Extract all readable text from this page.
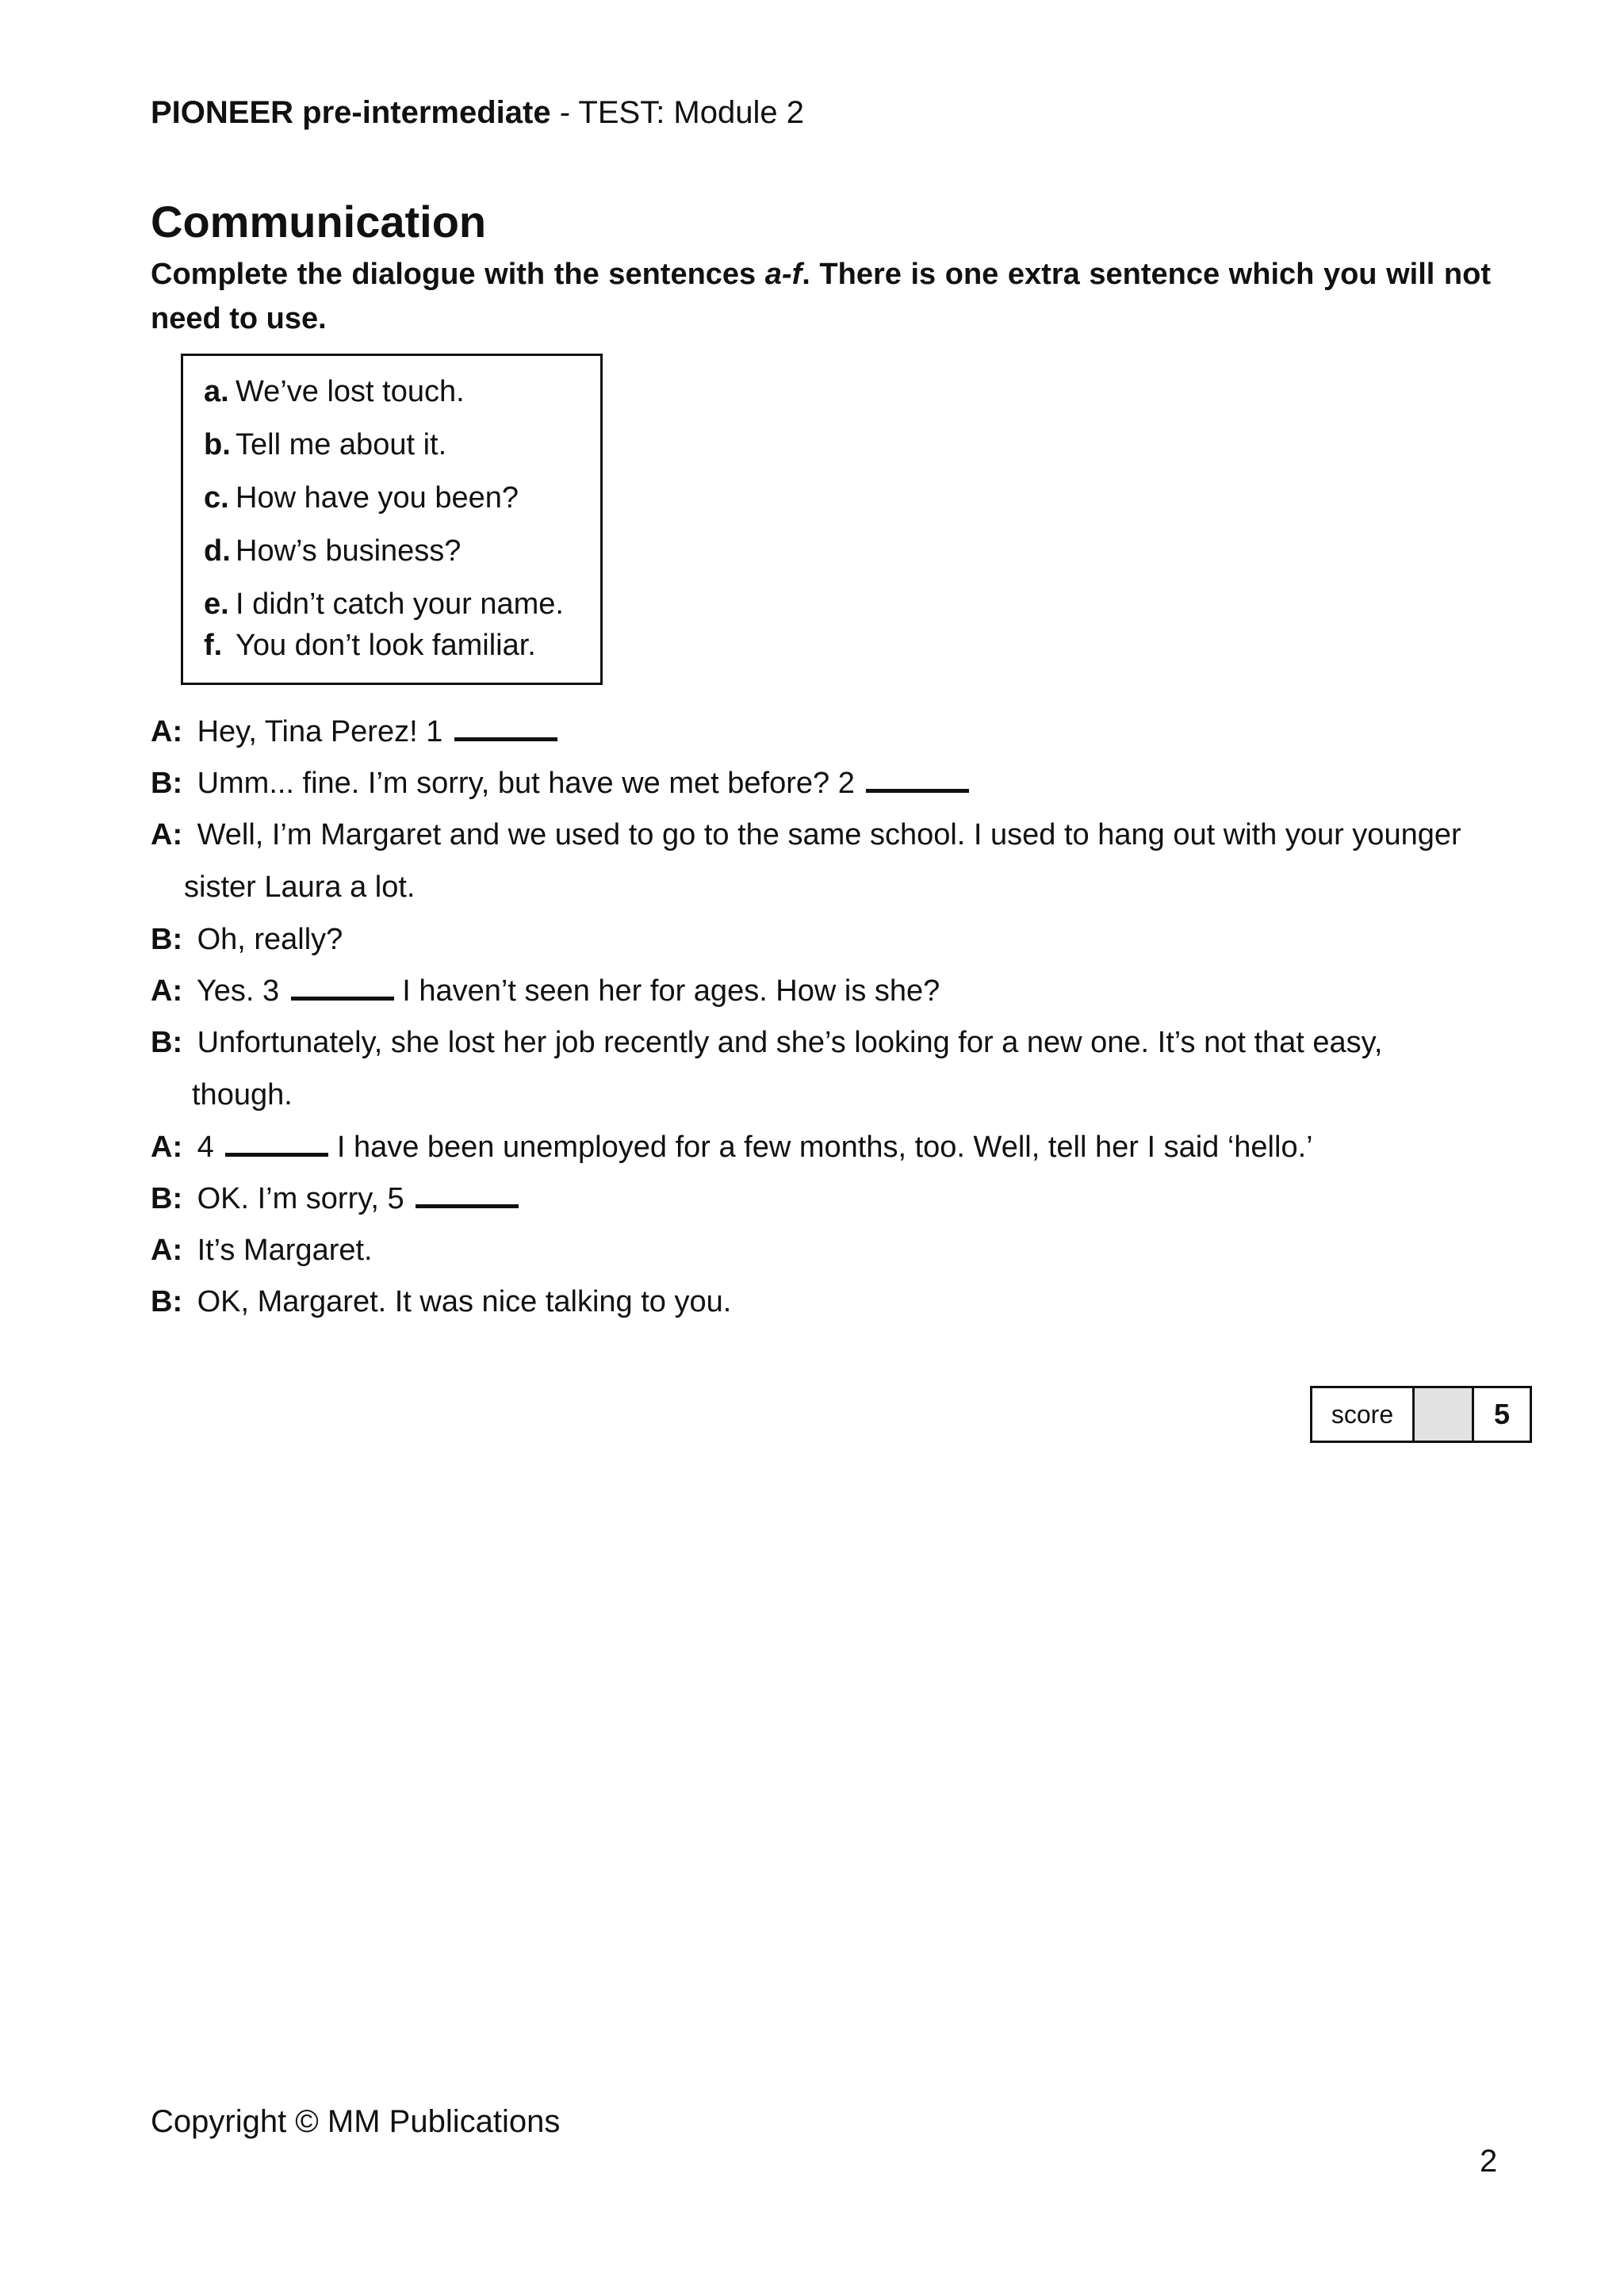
PIONEER pre-intermediate - TEST: Module 2
Communication
Complete the dialogue with the sentences a-f. There is one extra sentence which you will not need to use.
a. We’ve lost touch.
b. Tell me about it.
c. How have you been?
d. How’s business?
e. I didn’t catch your name.
f. You don’t look familiar.
A: Hey, Tina Perez! 1
B: Umm... fine. I’m sorry, but have we met before? 2
A: Well, I’m Margaret and we used to go to the same school. I used to hang out with your younger
sister Laura a lot.
B: Oh, really?
A: Yes. 3	I haven’t seen her for ages. How is she?
B: Unfortunately, she lost her job recently and she’s looking for a new one. It’s not that easy,
though.
A: 4	I have been unemployed for a few months, too. Well, tell her I said ‘hello.’
B: OK. I’m sorry, 5
A: It’s Margaret.
B: OK, Margaret. It was nice talking to you.
score	5
Copyright © MM Publications
2
